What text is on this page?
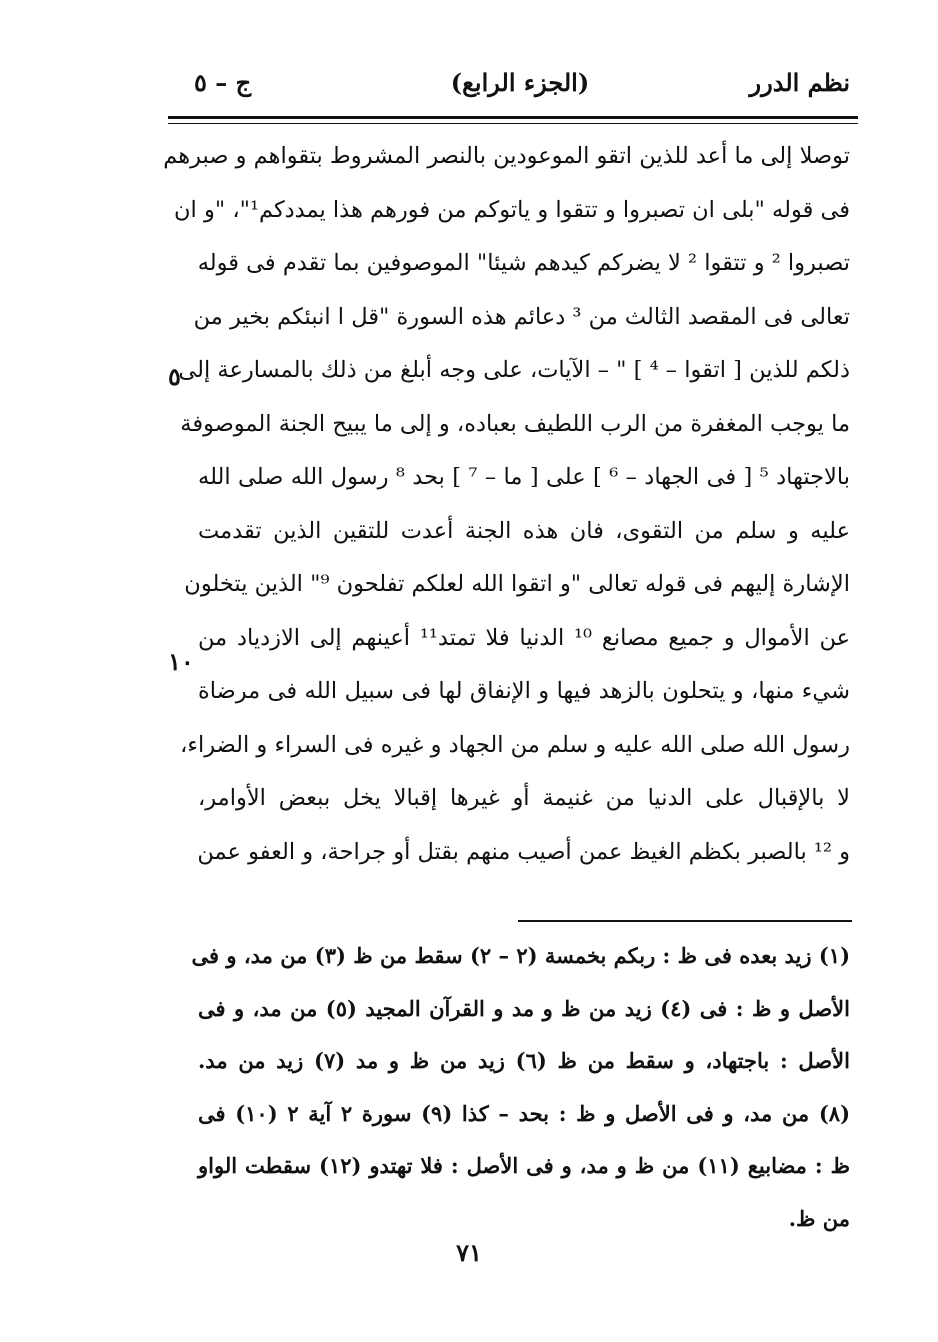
نظم الدرر
(الجزء الرابع)
ج – ٥
توصلا إلى ما أعد للذين اتقو الموعودين بالنصر المشروط بتقواهم و صبرهم
فى قوله "بلى ان تصبروا و تتقوا و ياتوكم من فورهم هذا يمددكم¹"، "و ان
تصبروا ² و تتقوا ² لا يضركم كيدهم شيئا" الموصوفين بما تقدم فى قوله
تعالى فى المقصد الثالث من ³ دعائم هذه السورة "قل ا انبئكم بخير من
ذلكم للذين [ اتقوا – ⁴ ] " – الآيات، على وجه أبلغ من ذلك بالمسارعة إلى
ما يوجب المغفرة من الرب اللطيف بعباده، و إلى ما يبيح الجنة الموصوفة
بالاجتهاد ⁵ [ فى الجهاد – ⁶ ] على [ ما – ⁷ ] بحد ⁸ رسول الله صلى الله
عليه و سلم من التقوى، فان هذه الجنة أعدت للتقين الذين تقدمت
الإشارة إليهم فى قوله تعالى "و اتقوا الله لعلكم تفلحون ⁹" الذين يتخلون
عن الأموال و جميع مصانع ¹⁰ الدنيا فلا تمتد¹¹ أعينهم إلى الازدياد من
شيء منها، و يتحلون بالزهد فيها و الإنفاق لها فى سبيل الله فى مرضاة
رسول الله صلى الله عليه و سلم من الجهاد و غيره فى السراء و الضراء،
لا بالإقبال على الدنيا من غنيمة أو غيرها إقبالا يخل ببعض الأوامر،
و ¹² بالصبر بكظم الغيظ عمن أصيب منهم بقتل أو جراحة، و العفو عمن
٥
١٠
(١) زيد بعده فى ظ : ربكم بخمسة (٢ – ٢) سقط من ظ (٣) من مد، و فى
الأصل و ظ : فى (٤) زيد من ظ و مد و القرآن المجيد (٥) من مد، و فى
الأصل : باجتهاد، و سقط من ظ (٦) زيد من ظ و مد (٧) زيد من مد.
(٨) من مد، و فى الأصل و ظ : بحد – كذا (٩) سورة ٢ آية ٢ (١٠) فى
ظ : مضابيع (١١) من ظ و مد، و فى الأصل : فلا تهتدو (١٢) سقطت الواو
من ظ.
٧١
